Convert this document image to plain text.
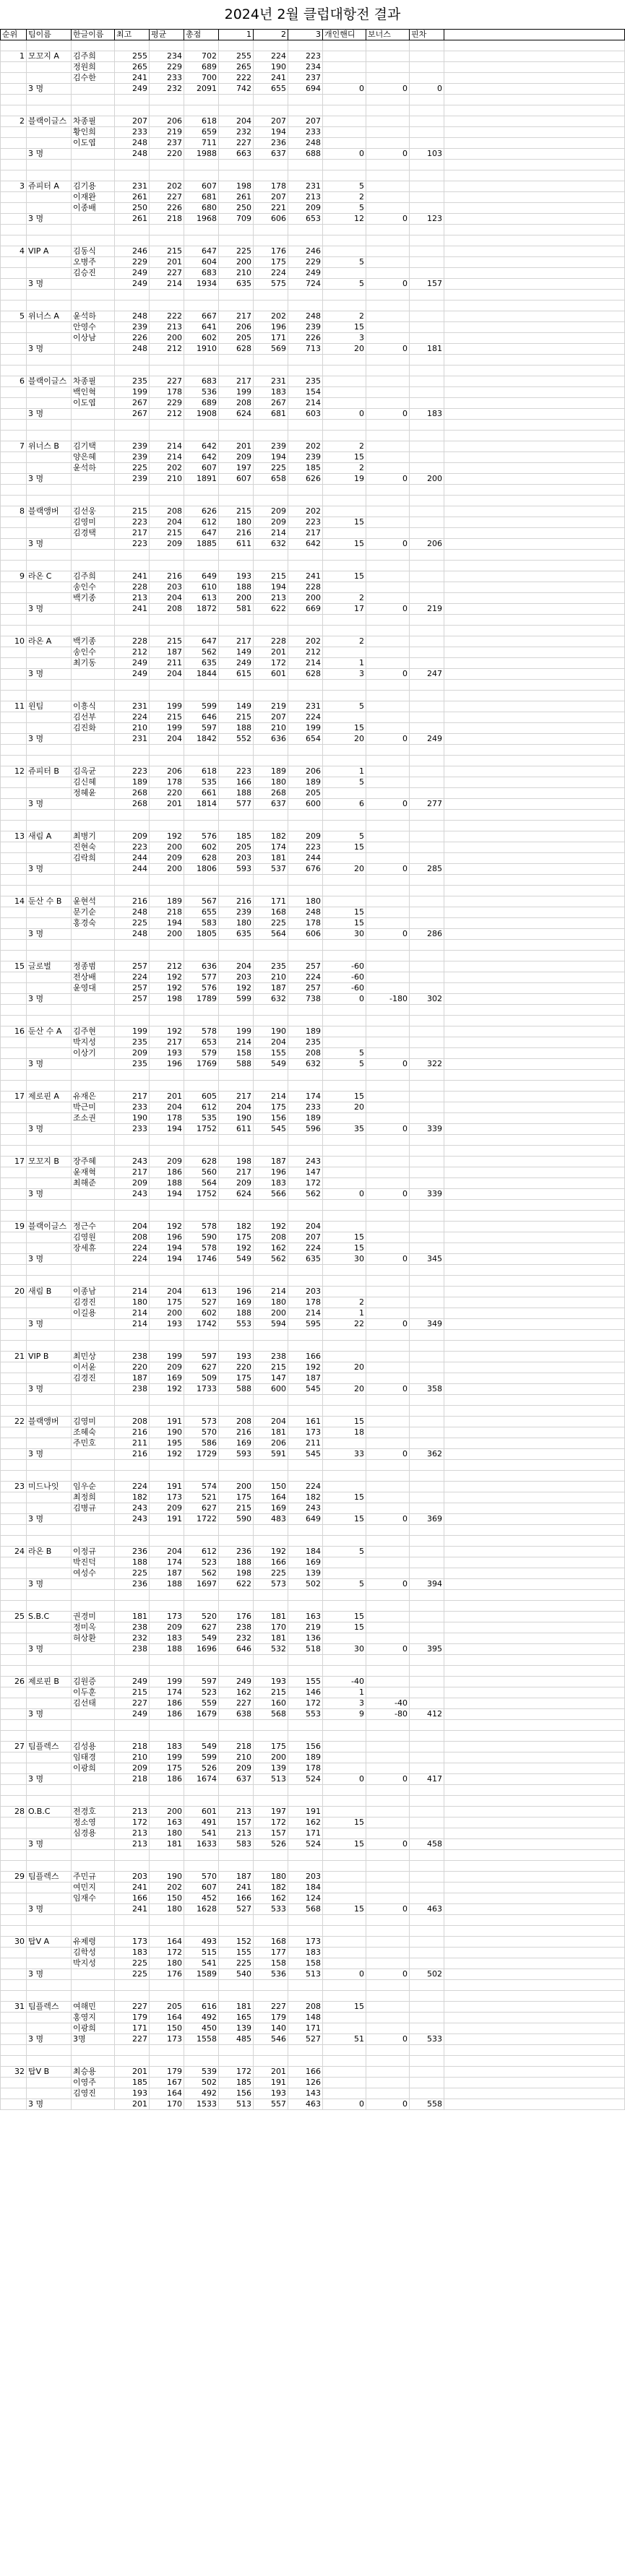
2024년 2월 클럽대항전 결과
순위	팀이름	한글이름	최고	평균	총점	1	2	3	개인핸디	보너스	핀차	

1	모꼬지 A	김주희	255	234	702	255	224	223				
		정원희	265	229	689	265	190	234				
		김수한	241	233	700	222	241	237				
	3 명		249	232	2091	742	655	694	0	0	0	

2	블랙이글스	차종필	207	206	618	204	207	207				
		황인희	233	219	659	232	194	233				
		이도엽	248	237	711	227	236	248				
	3 명		248	220	1988	663	637	688	0	0	103	

3	쥬피터 A	김기용	231	202	607	198	178	231	5			
		이재완	261	227	681	261	207	213	2			
		이종배	250	226	680	250	221	209	5			
	3 명		261	218	1968	709	606	653	12	0	123	

4	VIP A	김동식	246	215	647	225	176	246				
		오병주	229	201	604	200	175	229	5			
		김승진	249	227	683	210	224	249				
	3 명		249	214	1934	635	575	724	5	0	157	

5	위너스 A	윤석하	248	222	667	217	202	248	2			
		안영수	239	213	641	206	196	239	15			
		이상남	226	200	602	205	171	226	3			
	3 명		248	212	1910	628	569	713	20	0	181	

6	블랙이글스	차종필	235	227	683	217	231	235				
		백인혁	199	178	536	199	183	154				
		이도엽	267	229	689	208	267	214				
	3 명		267	212	1908	624	681	603	0	0	183	

7	위너스 B	김기택	239	214	642	201	239	202	2			
		양은혜	239	214	642	209	194	239	15			
		윤석하	225	202	607	197	225	185	2			
	3 명		239	210	1891	607	658	626	19	0	200	

8	블랙앵버	김선웅	215	208	626	215	209	202				
		김영미	223	204	612	180	209	223	15			
		김경택	217	215	647	216	214	217				
	3 명		223	209	1885	611	632	642	15	0	206	

9	라온 C	김주희	241	216	649	193	215	241	15			
		송인수	228	203	610	188	194	228				
		백기종	213	204	613	200	213	200	2			
	3 명		241	208	1872	581	622	669	17	0	219	

10	라온 A	백기종	228	215	647	217	228	202	2			
		송인수	212	187	562	149	201	212				
		최기동	249	211	635	249	172	214	1			
	3 명		249	204	1844	615	601	628	3	0	247	

11	윈팀	이흥식	231	199	599	149	219	231	5			
		김선부	224	215	646	215	207	224				
		김진화	210	199	597	188	210	199	15			
	3 명		231	204	1842	552	636	654	20	0	249	

12	쥬피터 B	김옥균	223	206	618	223	189	206	1			
		김신혜	189	178	535	166	180	189	5			
		정혜윤	268	220	661	188	268	205				
	3 명		268	201	1814	577	637	600	6	0	277	

13	새림 A	최병기	209	192	576	185	182	209	5			
		진현숙	223	200	602	205	174	223	15			
		김락희	244	209	628	203	181	244				
	3 명		244	200	1806	593	537	676	20	0	285	

14	둔산 수 B	윤현석	216	189	567	216	171	180				
		문기순	248	218	655	239	168	248	15			
		홍경숙	225	194	583	180	225	178	15			
	3 명		248	200	1805	635	564	606	30	0	286	

15	글로벌	정종범	257	212	636	204	235	257	-60			
		전상배	224	192	577	203	210	224	-60			
		윤영대	257	192	576	192	187	257	-60			
	3 명		257	198	1789	599	632	738	0	-180	302	

16	둔산 수 A	김주현	199	192	578	199	190	189				
		박지성	235	217	653	214	204	235				
		이상기	209	193	579	158	155	208	5			
	3 명		235	196	1769	588	549	632	5	0	322	

17	제로핀 A	유재은	217	201	605	217	214	174	15			
		박근미	233	204	612	204	175	233	20			
		조소권	190	178	535	190	156	189				
	3 명		233	194	1752	611	545	596	35	0	339	

17	모꼬지 B	장주혜	243	209	628	198	187	243				
		윤재혁	217	186	560	217	196	147				
		최해준	209	188	564	209	183	172				
	3 명		243	194	1752	624	566	562	0	0	339	

19	블랙이글스	정근수	204	192	578	182	192	204				
		김영원	208	196	590	175	208	207	15			
		장세휴	224	194	578	192	162	224	15			
	3 명		224	194	1746	549	562	635	30	0	345	

20	새림 B	이종남	214	204	613	196	214	203				
		김경진	180	175	527	169	180	178	2			
		이길용	214	200	602	188	200	214	1			
	3 명		214	193	1742	553	594	595	22	0	349	

21	VIP B	최민상	238	199	597	193	238	166				
		이서윤	220	209	627	220	215	192	20			
		김경진	187	169	509	175	147	187				
	3 명		238	192	1733	588	600	545	20	0	358	

22	블랙앵버	김영미	208	191	573	208	204	161	15			
		조혜숙	216	190	570	216	181	173	18			
		주민호	211	195	586	169	206	211				
	3 명		216	192	1729	593	591	545	33	0	362	

23	미드나잇	임우순	224	191	574	200	150	224				
		최정희	182	173	521	175	164	182	15			
		김병규	243	209	627	215	169	243				
	3 명		243	191	1722	590	483	649	15	0	369	

24	라온 B	이정규	236	204	612	236	192	184	5			
		박진덕	188	174	523	188	166	169				
		여성수	225	187	562	198	225	139				
	3 명		236	188	1697	622	573	502	5	0	394	

25	S.B.C	권경미	181	173	520	176	181	163	15			
		정미옥	238	209	627	238	170	219	15			
		허상환	232	183	549	232	181	136				
	3 명		238	188	1696	646	532	518	30	0	395	

26	제로핀 B	김원증	249	199	597	249	193	155	-40			
		이두훈	215	174	523	162	215	146	1			
		김선태	227	186	559	227	160	172	3	-40		
	3 명		249	186	1679	638	568	553	9	-80	412	

27	팀플렉스	김성용	218	183	549	218	175	156				
		임태경	210	199	599	210	200	189				
		이광희	209	175	526	209	139	178				
	3 명		218	186	1674	637	513	524	0	0	417	

28	O.B.C	전경호	213	200	601	213	197	191				
		정소영	172	163	491	157	172	162	15			
		심경용	213	180	541	213	157	171				
	3 명		213	181	1633	583	526	524	15	0	458	

29	팀플렉스	주민규	203	190	570	187	180	203				
		여민지	241	202	607	241	182	184				
		임재수	166	150	452	166	162	124				
	3 명		241	180	1628	527	533	568	15	0	463	

30	탑V A	유제령	173	164	493	152	168	173				
		김학성	183	172	515	155	177	183				
		박지성	225	180	541	225	158	158				
	3 명		225	176	1589	540	536	513	0	0	502	

31	팀플렉스	여해민	227	205	616	181	227	208	15			
		홍영지	179	164	492	165	179	148				
		이광희	171	150	450	139	140	171				
	3 명	3명	227	173	1558	485	546	527	51	0	533	

32	탑V B	최승용	201	179	539	172	201	166				
		이영주	185	167	502	185	191	126				
		김영진	193	164	492	156	193	143				
	3 명		201	170	1533	513	557	463	0	0	558	
